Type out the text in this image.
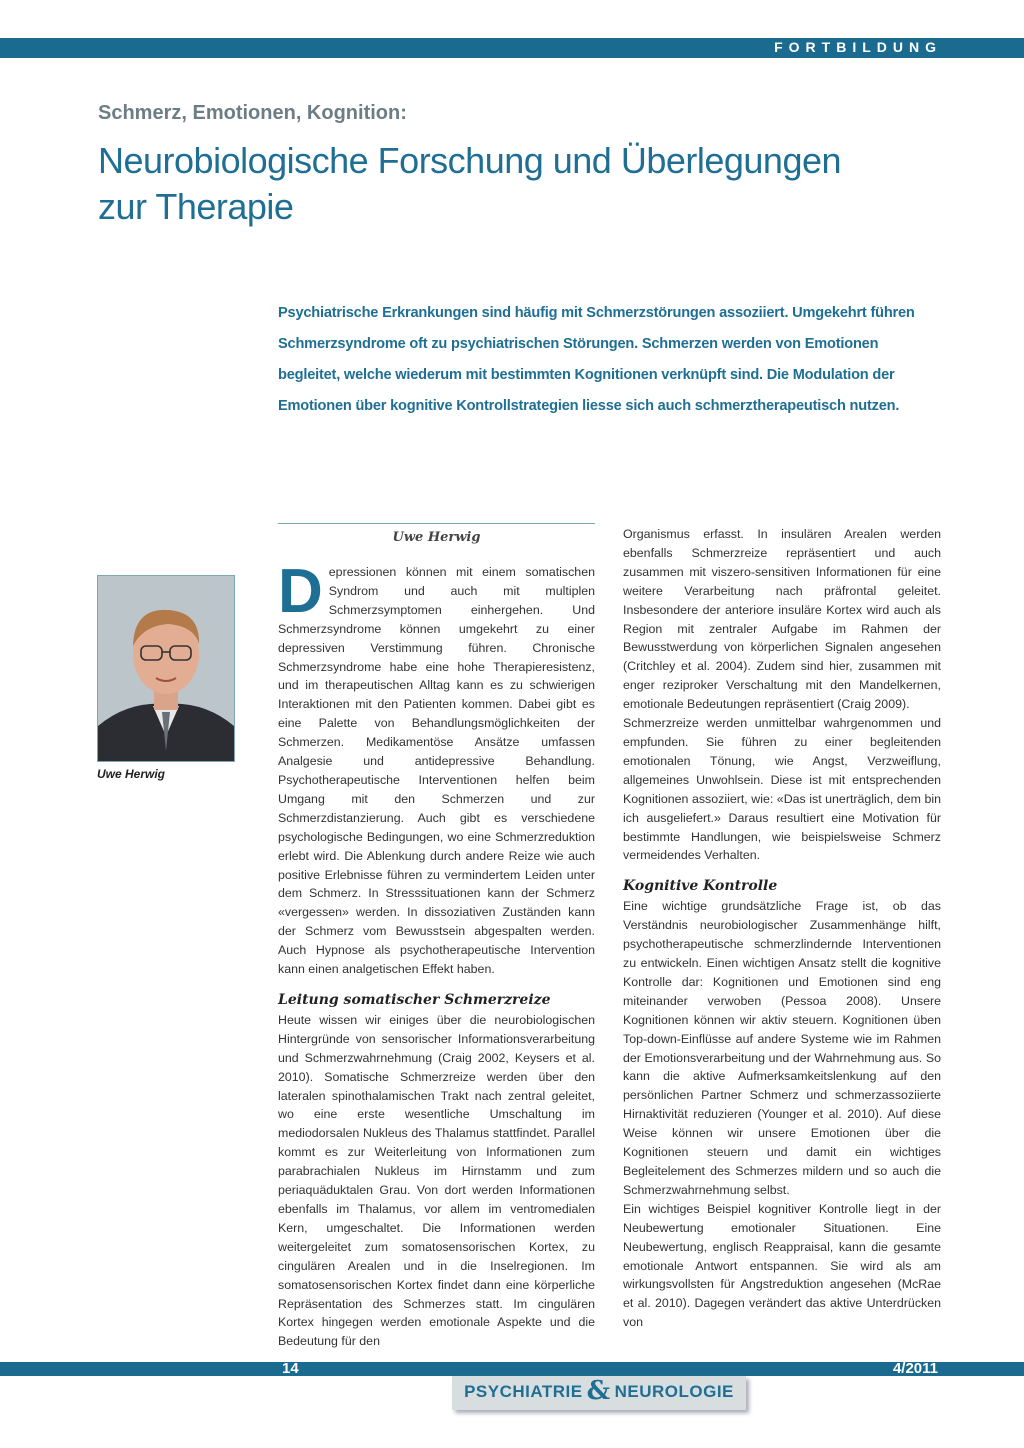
FORTBILDUNG
Schmerz, Emotionen, Kognition:
Neurobiologische Forschung und Überlegungen
zur Therapie
Psychiatrische Erkrankungen sind häufig mit Schmerzstörungen assoziiert. Umgekehrt führen Schmerzsyndrome oft zu psychiatrischen Störungen. Schmerzen werden von Emotionen begleitet, welche wiederum mit bestimmten Kognitionen verknüpft sind. Die Modulation der Emotionen über kognitive Kontrollstrategien liesse sich auch schmerztherapeutisch nutzen.
Uwe Herwig
Uwe Herwig

Depressionen können mit einem somatischen Syndrom und auch mit multiplen Schmerzsymptomen einhergehen. Und Schmerzsyndrome können umgekehrt zu einer depressiven Verstimmung führen. Chronische Schmerzsyndrome habe eine hohe Therapieresistenz, und im therapeutischen Alltag kann es zu schwierigen Interaktionen mit den Patienten kommen. Dabei gibt es eine Palette von Behandlungsmöglichkeiten der Schmerzen. Medikamentöse Ansätze umfassen Analgesie und antidepressive Behandlung. Psychotherapeutische Interventionen helfen beim Umgang mit den Schmerzen und zur Schmerzdistanzierung. Auch gibt es verschiedene psychologische Bedingungen, wo eine Schmerzreduktion erlebt wird. Die Ablenkung durch andere Reize wie auch positive Erlebnisse führen zu vermindertem Leiden unter dem Schmerz. In Stresssituationen kann der Schmerz «vergessen» werden. In dissoziativen Zuständen kann der Schmerz vom Bewusstsein abgespalten werden. Auch Hypnose als psychotherapeutische Intervention kann einen analgetischen Effekt haben.

Leitung somatischer Schmerzreize

Heute wissen wir einiges über die neurobiologischen Hintergründe von sensorischer Informationsverarbeitung und Schmerzwahrnehmung (Craig 2002, Keysers et al. 2010). Somatische Schmerzreize werden über den lateralen spinothalamischen Trakt nach zentral geleitet, wo eine erste wesentliche Umschaltung im mediodorsalen Nukleus des Thalamus stattfindet. Parallel kommt es zur Weiterleitung von Informationen zum parabrachialen Nukleus im Hirnstamm und zum periaquäduktalen Grau. Von dort werden Informationen ebenfalls im Thalamus, vor allem im ventromedialen Kern, umgeschaltet. Die Informationen werden weitergeleitet zum somatosensorischen Kortex, zu cingulären Arealen und in die Inselregionen. Im somatosensorischen Kortex findet dann eine körperliche Repräsentation des Schmerzes statt. Im cingulären Kortex hingegen werden emotionale Aspekte und die Bedeutung für den

Organismus erfasst. In insulären Arealen werden ebenfalls Schmerzreize repräsentiert und auch zusammen mit viszero-sensitiven Informationen für eine weitere Verarbeitung nach präfrontal geleitet. Insbesondere der anteriore insuläre Kortex wird auch als Region mit zentraler Aufgabe im Rahmen der Bewusstwerdung von körperlichen Signalen angesehen (Critchley et al. 2004). Zudem sind hier, zusammen mit enger reziproker Verschaltung mit den Mandelkernen, emotionale Bedeutungen repräsentiert (Craig 2009).

Schmerzreize werden unmittelbar wahrgenommen und empfunden. Sie führen zu einer begleitenden emotionalen Tönung, wie Angst, Verzweiflung, allgemeines Unwohlsein. Diese ist mit entsprechenden Kognitionen assoziiert, wie: «Das ist unerträglich, dem bin ich ausgeliefert.» Daraus resultiert eine Motivation für bestimmte Handlungen, wie beispielsweise Schmerz vermeidendes Verhalten.

Kognitive Kontrolle

Eine wichtige grundsätzliche Frage ist, ob das Verständnis neurobiologischer Zusammenhänge hilft, psychotherapeutische schmerzlindernde Interventionen zu entwickeln. Einen wichtigen Ansatz stellt die kognitive Kontrolle dar: Kognitionen und Emotionen sind eng miteinander verwoben (Pessoa 2008). Unsere Kognitionen können wir aktiv steuern. Kognitionen üben Top-down-Einflüsse auf andere Systeme wie im Rahmen der Emotionsverarbeitung und der Wahrnehmung aus. So kann die aktive Aufmerksamkeitslenkung auf den persönlichen Partner Schmerz und schmerzassoziierte Hirnaktivität reduzieren (Younger et al. 2010). Auf diese Weise können wir unsere Emotionen über die Kognitionen steuern und damit ein wichtiges Begleitelement des Schmerzes mildern und so auch die Schmerzwahrnehmung selbst.

Ein wichtiges Beispiel kognitiver Kontrolle liegt in der Neubewertung emotionaler Situationen. Eine Neubewertung, englisch Reappraisal, kann die gesamte emotionale Antwort entspannen. Sie wird als am wirkungsvollsten für Angstreduktion angesehen (McRae et al. 2010). Dagegen verändert das aktive Unterdrücken von

14	4/2011
PSYCHIATRIE & NEUROLOGIE
